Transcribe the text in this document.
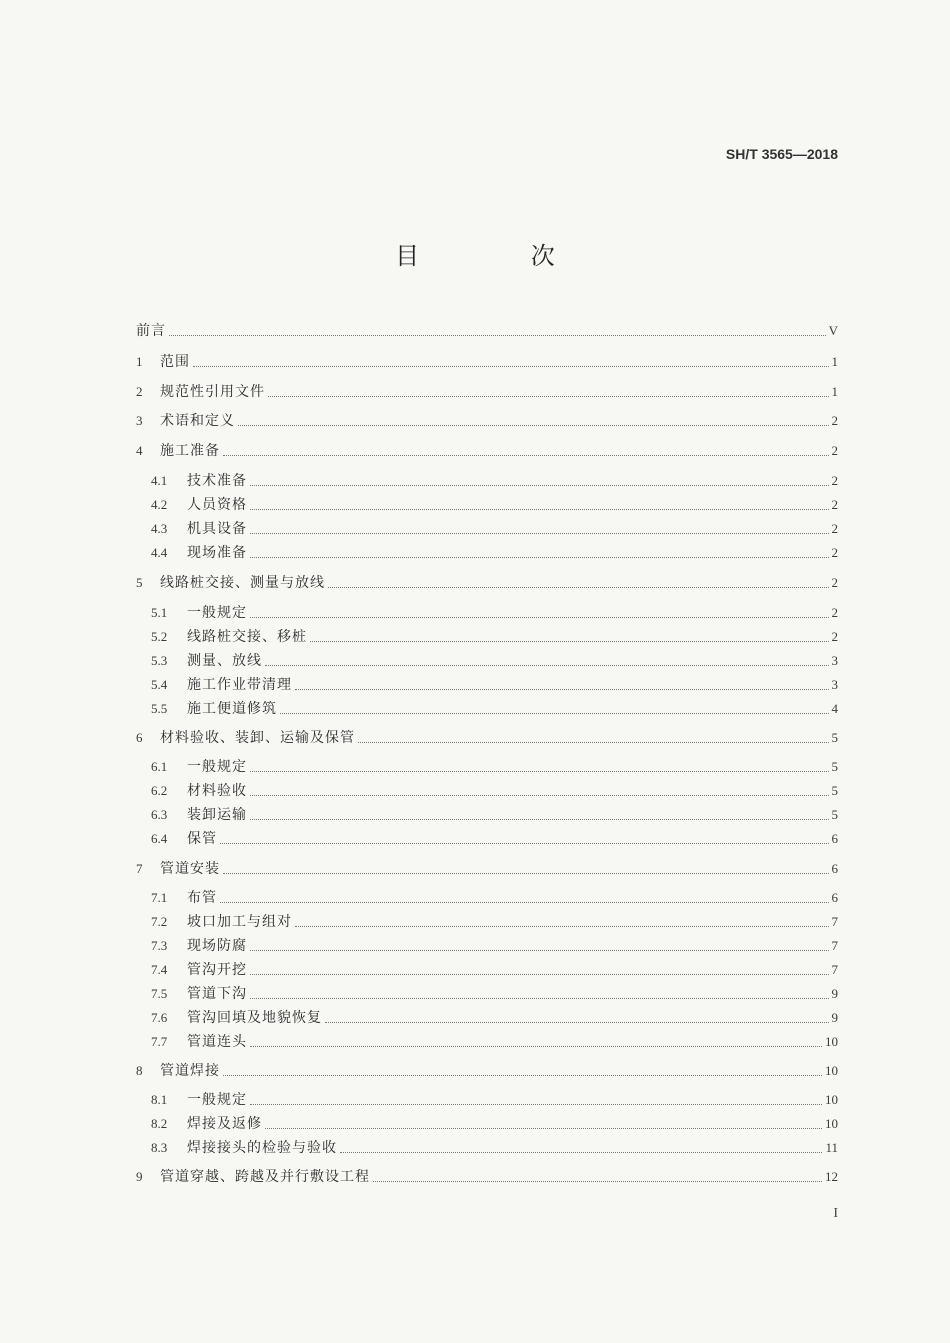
SH/T 3565—2018
目 次
前言	V
1	范围	1
2	规范性引用文件	1
3	术语和定义	2
4	施工准备	2
4.1	技术准备	2
4.2	人员资格	2
4.3	机具设备	2
4.4	现场准备	2
5	线路桩交接、测量与放线	2
5.1	一般规定	2
5.2	线路桩交接、移桩	2
5.3	测量、放线	3
5.4	施工作业带清理	3
5.5	施工便道修筑	4
6	材料验收、装卸、运输及保管	5
6.1	一般规定	5
6.2	材料验收	5
6.3	装卸运输	5
6.4	保管	6
7	管道安装	6
7.1	布管	6
7.2	坡口加工与组对	7
7.3	现场防腐	7
7.4	管沟开挖	7
7.5	管道下沟	9
7.6	管沟回填及地貌恢复	9
7.7	管道连头	10
8	管道焊接	10
8.1	一般规定	10
8.2	焊接及返修	10
8.3	焊接接头的检验与验收	11
9	管道穿越、跨越及并行敷设工程	12
I
